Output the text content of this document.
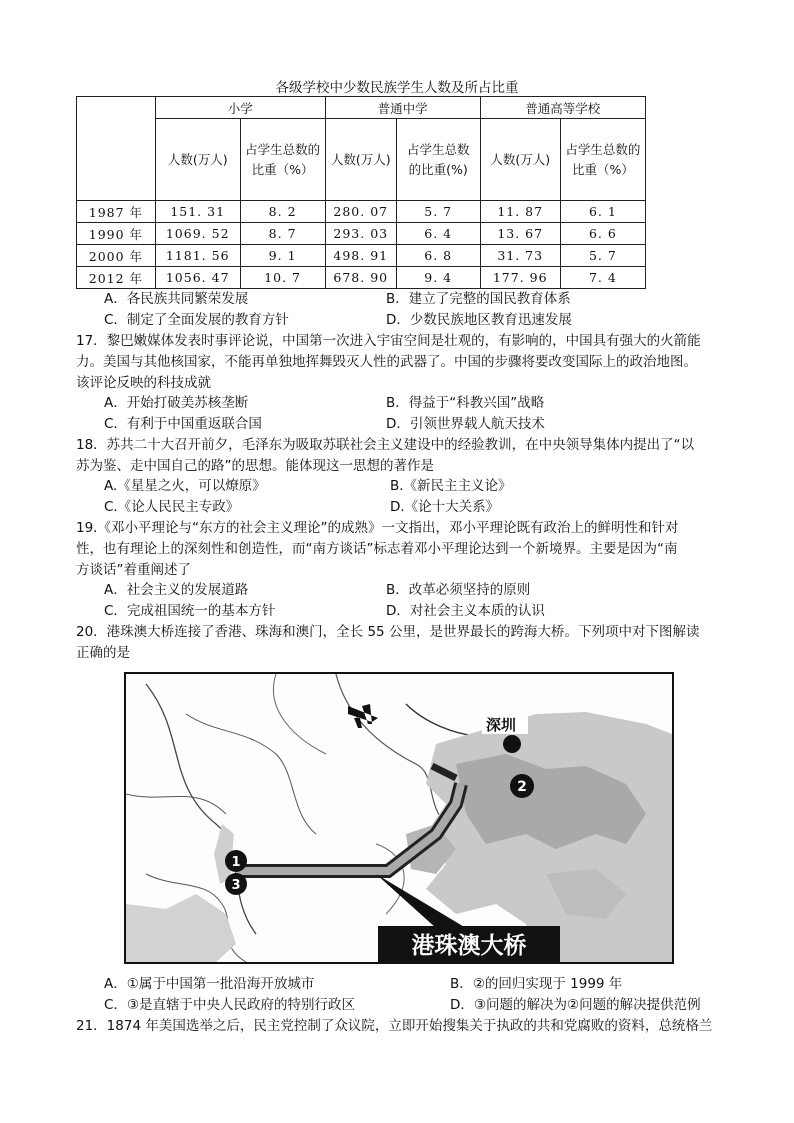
各级学校中少数民族学生人数及所占比重
	小学		普通中学		普通高等学校	
	人数(万人)	占学生总数的比重（%）	人数(万人)	占学生总数的比重(%)	人数(万人)	占学生总数的比重（%）
1987 年	151. 31	8. 2	280. 07	5. 7	11. 87	6. 1
1990 年	1069. 52	8. 7	293. 03	6. 4	13. 67	6. 6
2000 年	1181. 56	9. 1	498. 91	6. 8	31. 73	5. 7
2012 年	1056. 47	10. 7	678. 90	9. 4	177. 96	7. 4
A．各民族共同繁荣发展	B．建立了完整的国民教育体系
C．制定了全面发展的教育方针	D．少数民族地区教育迅速发展
17．黎巴嫩媒体发表时事评论说，中国第一次进入宇宙空间是壮观的，有影响的，中国具有强大的火箭能
力。美国与其他核国家，不能再单独地挥舞毁灭人性的武器了。中国的步骤将要改变国际上的政治地图。
该评论反映的科技成就
A．开始打破美苏核垄断	B．得益于“科教兴国”战略
C．有利于中国重返联合国	D．引领世界载人航天技术
18．苏共二十大召开前夕，毛泽东为吸取苏联社会主义建设中的经验教训，在中央领导集体内提出了“以
苏为鉴、走中国自己的路”的思想。能体现这一思想的著作是
A.《星星之火，可以燎原》	B.《新民主主义论》
C.《论人民民主专政》	D.《论十大关系》
19.《邓小平理论与“东方的社会主义理论”的成熟》一文指出，邓小平理论既有政治上的鲜明性和针对
性，也有理论上的深刻性和创造性，而“南方谈话”标志着邓小平理论达到一个新境界。主要是因为“南
方谈话”着重阐述了
A．社会主义的发展道路	B．改革必须坚持的原则
C．完成祖国统一的基本方针	D．对社会主义本质的认识
20．港珠澳大桥连接了香港、珠海和澳门，全长 55 公里，是世界最长的跨海大桥。下列项中对下图解读
正确的是
深圳
2
1
3
港珠澳大桥
A．①属于中国第一批沿海开放城市	B．②的回归实现于 1999 年
C．③是直辖于中央人民政府的特别行政区	D．③问题的解决为②问题的解决提供范例
21．1874 年美国选举之后，民主党控制了众议院，立即开始搜集关于执政的共和党腐败的资料，总统格兰
